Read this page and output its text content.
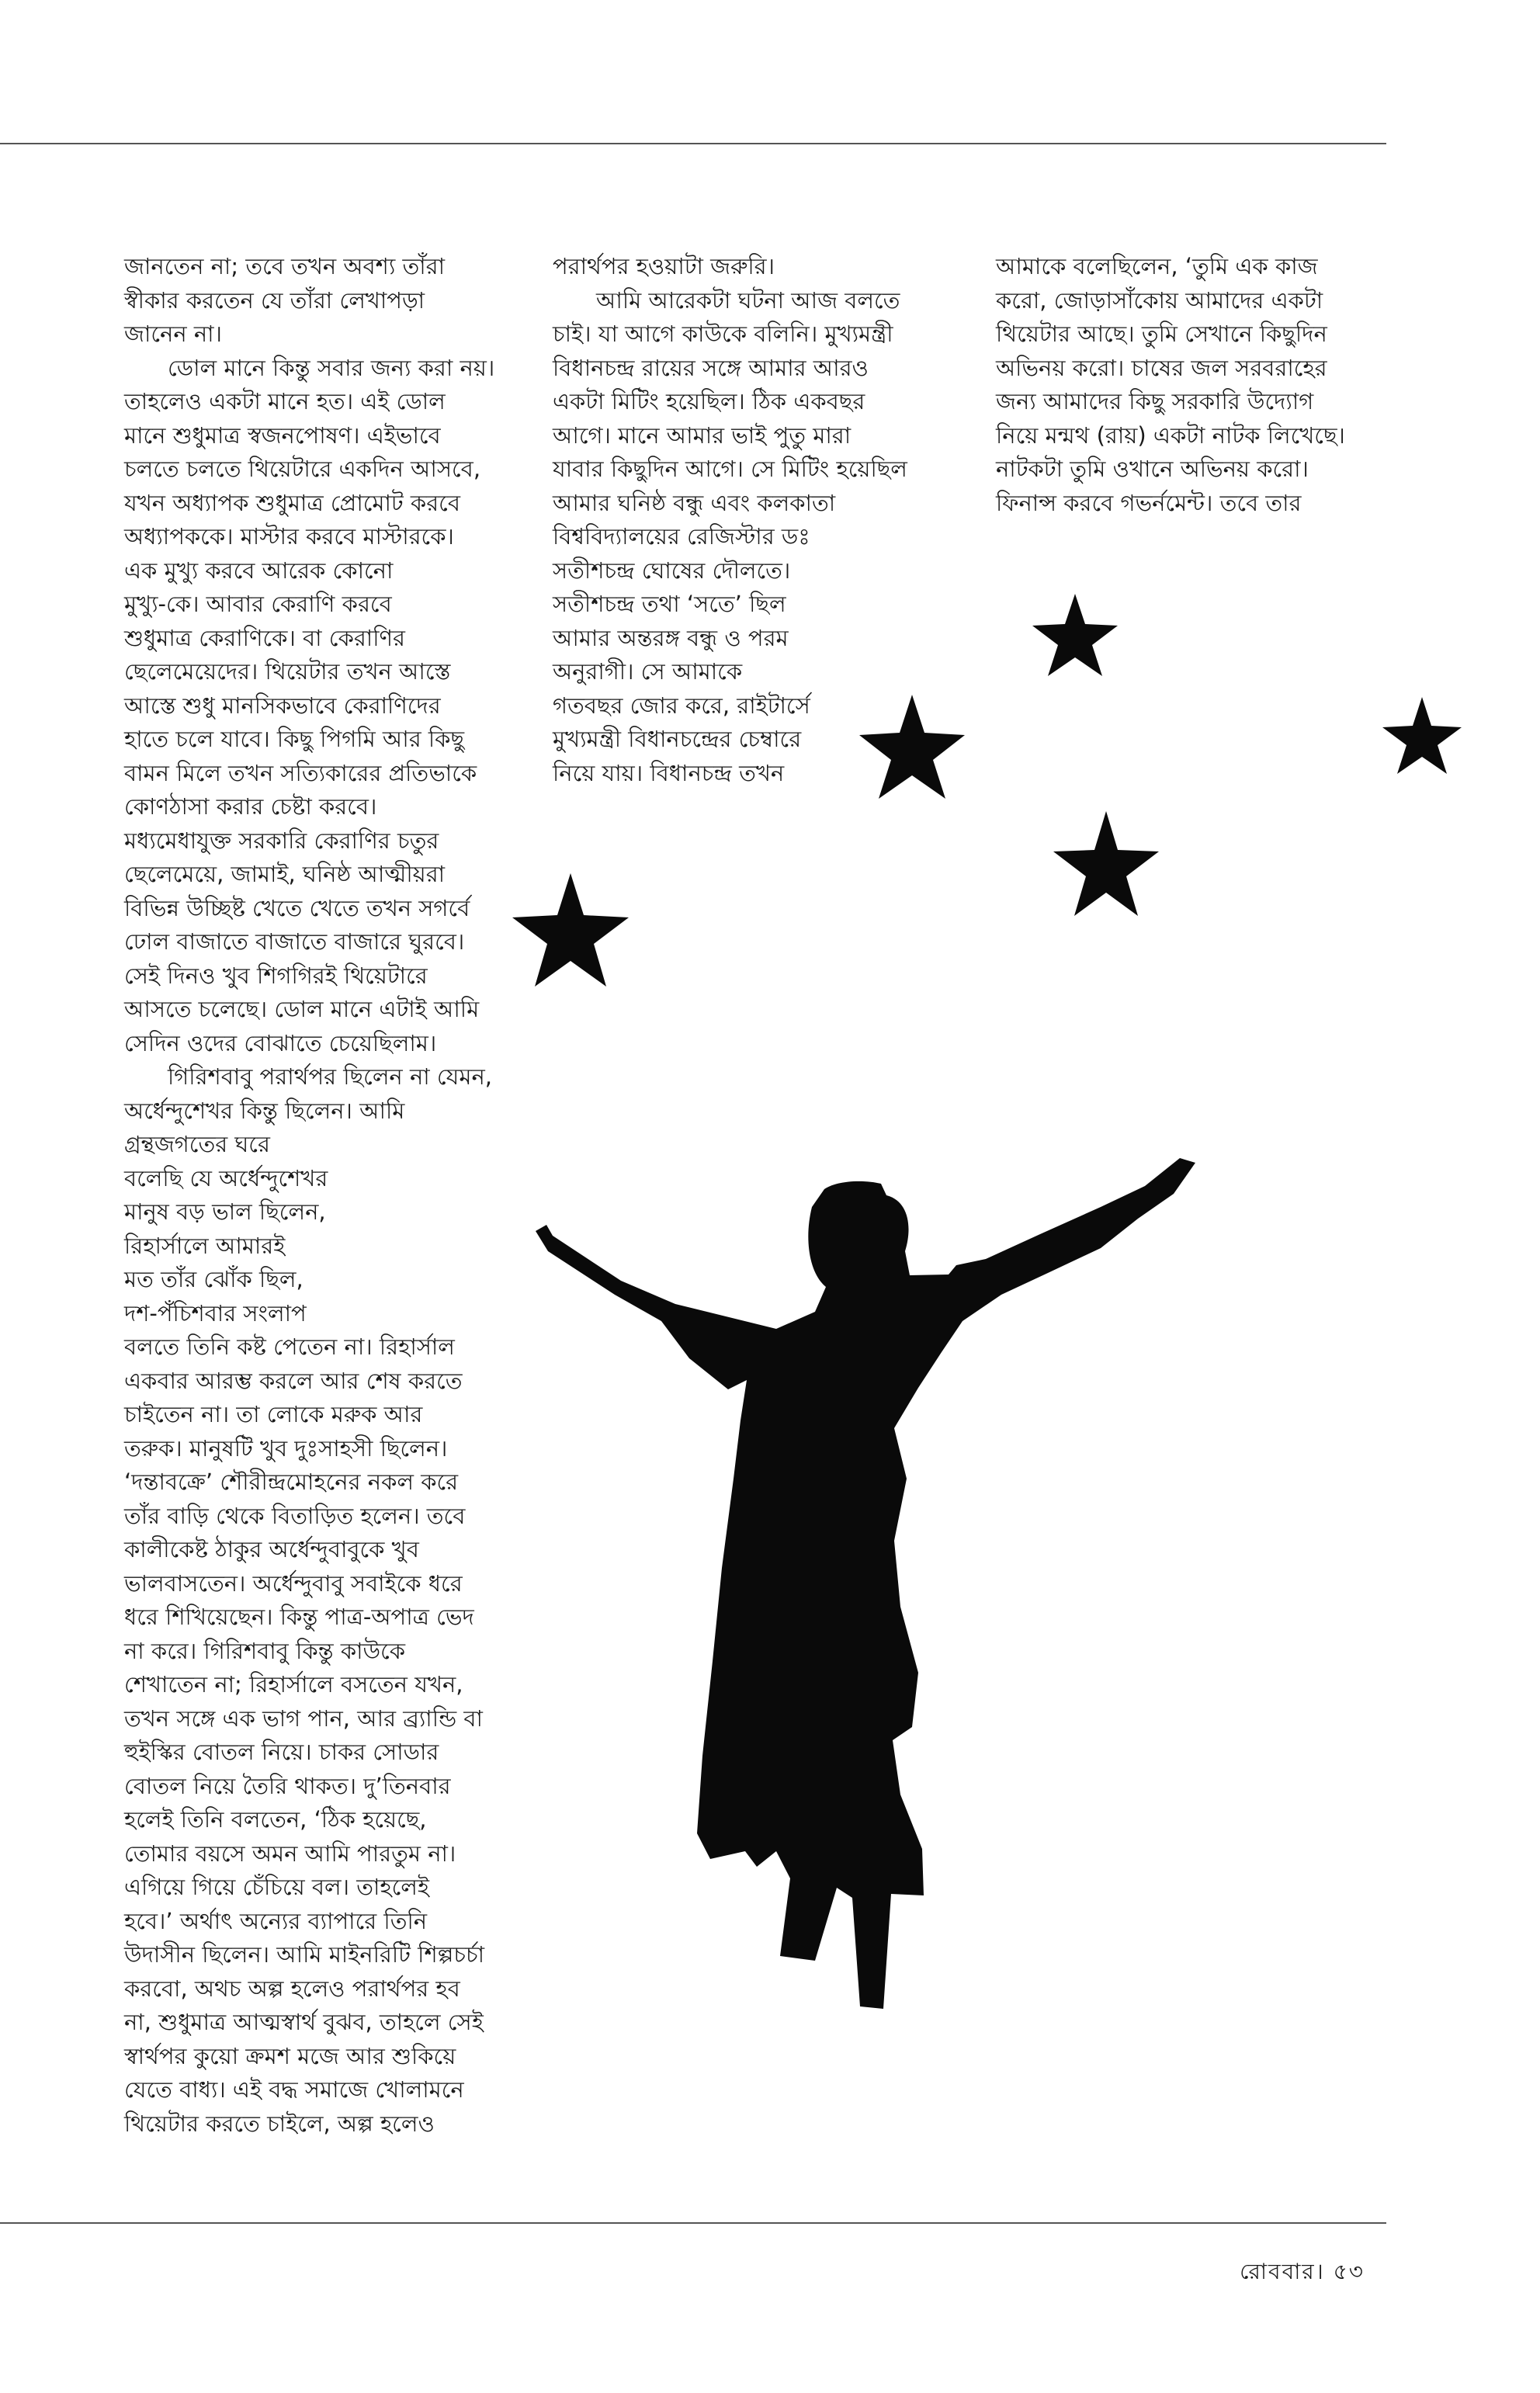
জানতেন না; তবে তখন অবশ্য তাঁরা
স্বীকার করতেন যে তাঁরা লেখাপড়া
জানেন না।
ডোল মানে কিন্তু সবার জন্য করা নয়।
তাহলেও একটা মানে হত। এই ডোল
মানে শুধুমাত্র স্বজনপোষণ। এইভাবে
চলতে চলতে থিয়েটারে একদিন আসবে,
যখন অধ্যাপক শুধুমাত্র প্রোমোট করবে
অধ্যাপককে। মাস্টার করবে মাস্টারকে।
এক মুখ্যু করবে আরেক কোনো
মুখ্যু-কে। আবার কেরাণি করবে
শুধুমাত্র কেরাণিকে। বা কেরাণির
ছেলেমেয়েদের। থিয়েটার তখন আস্তে
আস্তে শুধু মানসিকভাবে কেরাণিদের
হাতে চলে যাবে। কিছু পিগমি আর কিছু
বামন মিলে তখন সত্যিকারের প্রতিভাকে
কোণঠাসা করার চেষ্টা করবে।
মধ্যমেধাযুক্ত সরকারি কেরাণির চতুর
ছেলেমেয়ে, জামাই, ঘনিষ্ঠ আত্মীয়রা
বিভিন্ন উচ্ছিষ্ট খেতে খেতে তখন সগর্বে
ঢোল বাজাতে বাজাতে বাজারে ঘুরবে।
সেই দিনও খুব শিগগিরই থিয়েটারে
আসতে চলেছে। ডোল মানে এটাই আমি
সেদিন ওদের বোঝাতে চেয়েছিলাম।
গিরিশবাবু পরার্থপর ছিলেন না যেমন,
অর্ধেন্দুশেখর কিন্তু ছিলেন। আমি
গ্রন্থজগতের ঘরে
বলেছি যে অর্ধেন্দুশেখর
মানুষ বড় ভাল ছিলেন,
রিহার্সালে আমারই
মত তাঁর ঝোঁক ছিল,
দশ-পঁচিশবার সংলাপ
বলতে তিনি কষ্ট পেতেন না। রিহার্সাল
একবার আরম্ভ করলে আর শেষ করতে
চাইতেন না। তা লোকে মরুক আর
তরুক। মানুষটি খুব দুঃসাহসী ছিলেন।
‘দন্তাবক্রে’ শৌরীন্দ্রমোহনের নকল করে
তাঁর বাড়ি থেকে বিতাড়িত হলেন। তবে
কালীকেষ্ট ঠাকুর অর্ধেন্দুবাবুকে খুব
ভালবাসতেন। অর্ধেন্দুবাবু সবাইকে ধরে
ধরে শিখিয়েছেন। কিন্তু পাত্র-অপাত্র ভেদ
না করে। গিরিশবাবু কিন্তু কাউকে
শেখাতেন না; রিহার্সালে বসতেন যখন,
তখন সঙ্গে এক ভাগ পান, আর ব্র্যান্ডি বা
হুইস্কির বোতল নিয়ে। চাকর সোডার
বোতল নিয়ে তৈরি থাকত। দু’তিনবার
হলেই তিনি বলতেন, ‘ঠিক হয়েছে,
তোমার বয়সে অমন আমি পারতুম না।
এগিয়ে গিয়ে চেঁচিয়ে বল। তাহলেই
হবে।’ অর্থাৎ অন্যের ব্যাপারে তিনি
উদাসীন ছিলেন। আমি মাইনরিটি শিল্পচর্চা
করবো, অথচ অল্প হলেও পরার্থপর হব
না, শুধুমাত্র আত্মস্বার্থ বুঝব, তাহলে সেই
স্বার্থপর কুয়ো ক্রমশ মজে আর শুকিয়ে
যেতে বাধ্য। এই বদ্ধ সমাজে খোলামনে
থিয়েটার করতে চাইলে, অল্প হলেও
পরার্থপর হওয়াটা জরুরি।
আমি আরেকটা ঘটনা আজ বলতে
চাই। যা আগে কাউকে বলিনি। মুখ্যমন্ত্রী
বিধানচন্দ্র রায়ের সঙ্গে আমার আরও
একটা মিটিং হয়েছিল। ঠিক একবছর
আগে। মানে আমার ভাই পুতু মারা
যাবার কিছুদিন আগে। সে মিটিং হয়েছিল
আমার ঘনিষ্ঠ বন্ধু এবং কলকাতা
বিশ্ববিদ্যালয়ের রেজিস্টার ডঃ
সতীশচন্দ্র ঘোষের দৌলতে।
সতীশচন্দ্র তথা ‘সতে’ ছিল
আমার অন্তরঙ্গ বন্ধু ও পরম
অনুরাগী। সে আমাকে
গতবছর জোর করে, রাইটার্সে
মুখ্যমন্ত্রী বিধানচন্দ্রের চেম্বারে
নিয়ে যায়। বিধানচন্দ্র তখন
আমাকে বলেছিলেন, ‘তুমি এক কাজ
করো, জোড়াসাঁকোয় আমাদের একটা
থিয়েটার আছে। তুমি সেখানে কিছুদিন
অভিনয় করো। চাষের জল সরবরাহের
জন্য আমাদের কিছু সরকারি উদ্যোগ
নিয়ে মন্মথ (রায়) একটা নাটক লিখেছে।
নাটকটা তুমি ওখানে অভিনয় করো।
ফিনান্স করবে গভর্নমেন্ট। তবে তার
রোববার। ৫৩
